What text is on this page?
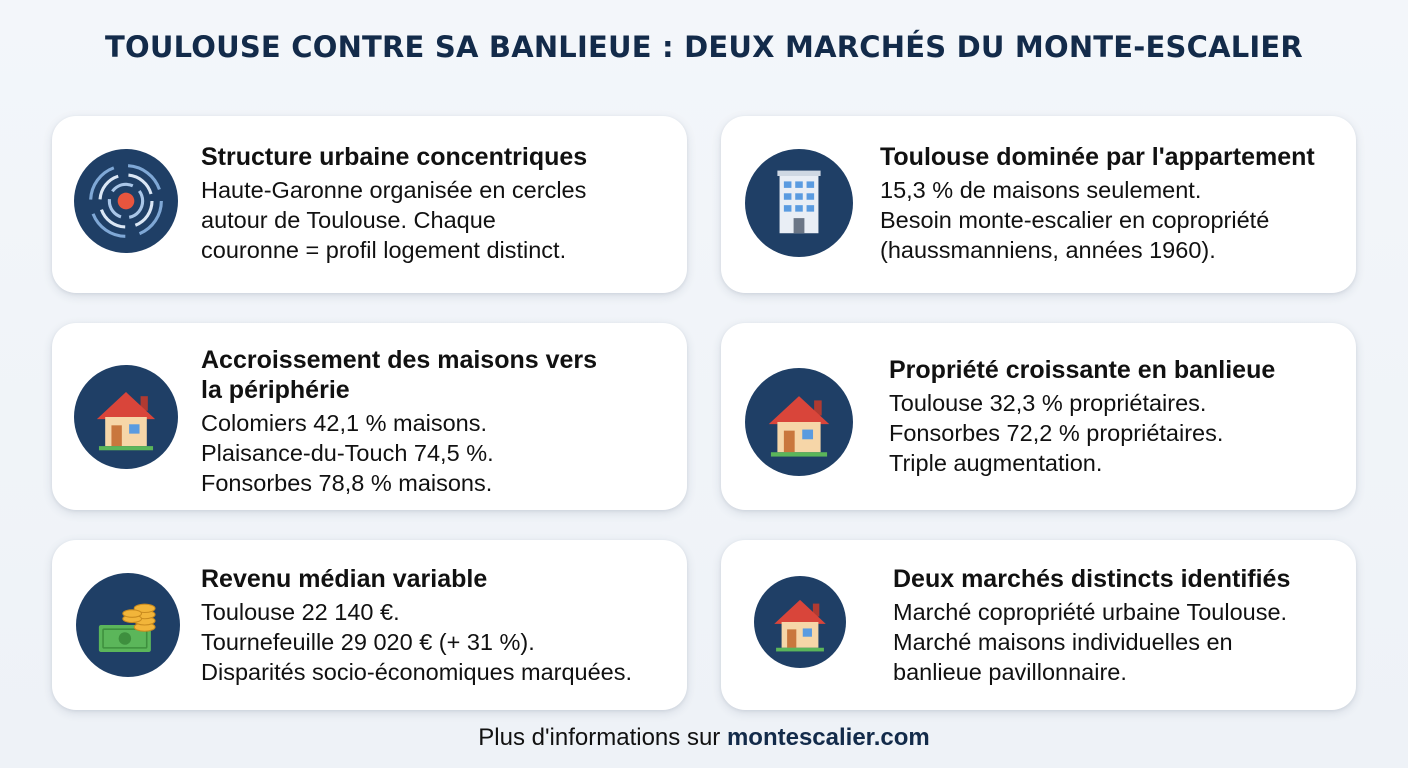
TOULOUSE CONTRE SA BANLIEUE : DEUX MARCHÉS DU MONTE-ESCALIER
Structure urbaine concentriques
Haute-Garonne organisée en cercles
autour de Toulouse. Chaque
couronne = profil logement distinct.
Toulouse dominée par l'appartement
15,3 % de maisons seulement.
Besoin monte-escalier en copropriété
(haussmanniens, années 1960).
Accroissement des maisons vers
la périphérie
Colomiers 42,1 % maisons.
Plaisance-du-Touch 74,5 %.
Fonsorbes 78,8 % maisons.
Propriété croissante en banlieue
Toulouse 32,3 % propriétaires.
Fonsorbes 72,2 % propriétaires.
Triple augmentation.
Revenu médian variable
Toulouse 22 140 €.
Tournefeuille 29 020 € (+ 31 %).
Disparités socio-économiques marquées.
Deux marchés distincts identifiés
Marché copropriété urbaine Toulouse.
Marché maisons individuelles en
banlieue pavillonnaire.
Plus d'informations sur montescalier.com
